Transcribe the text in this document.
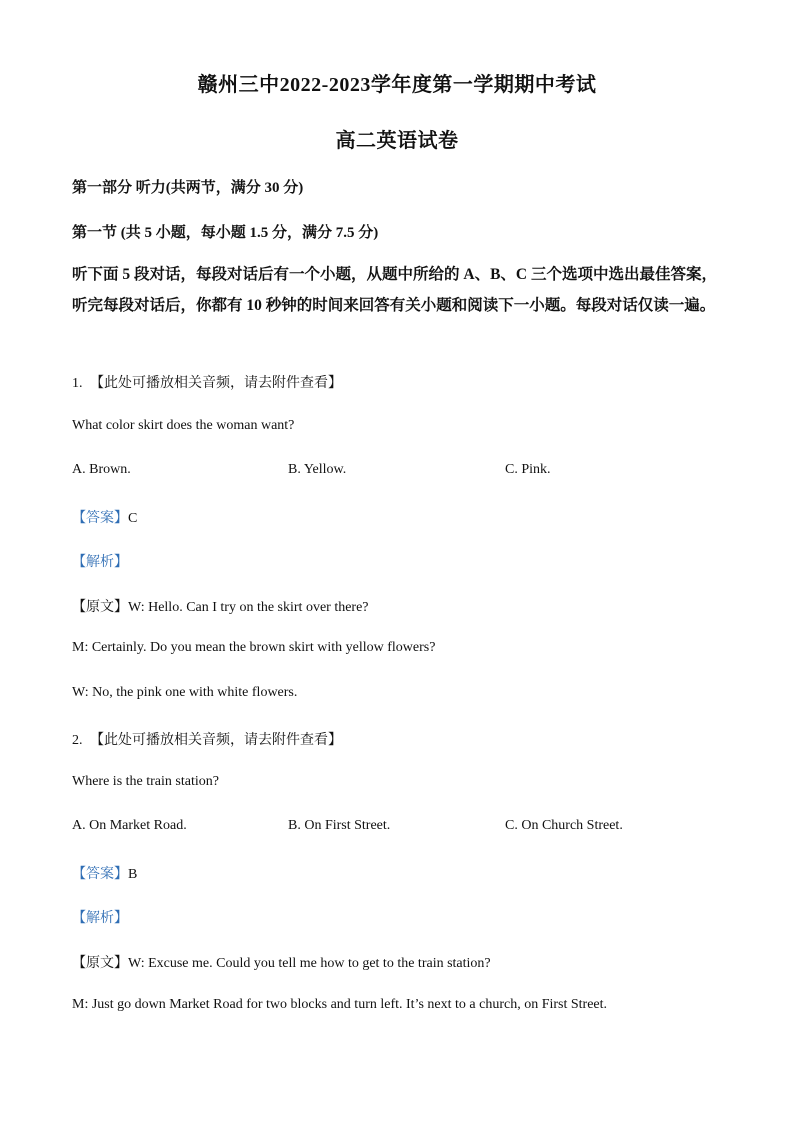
赣州三中2022-2023学年度第一学期期中考试
高二英语试卷
第一部分 听力(共两节，满分 30 分)
第一节 (共 5 小题，每小题 1.5 分，满分 7.5 分)
听下面 5 段对话，每段对话后有一个小题，从题中所给的 A、B、C 三个选项中选出最佳答案，听完每段对话后，你都有 10 秒钟的时间来回答有关小题和阅读下一小题。每段对话仅读一遍。
1. 【此处可播放相关音频，请去附件查看】
What color skirt does the woman want?
A. Brown.	B. Yellow.	C. Pink.
【答案】C
【解析】
【原文】W: Hello. Can I try on the skirt over there?
M: Certainly. Do you mean the brown skirt with yellow flowers?
W: No, the pink one with white flowers.
2. 【此处可播放相关音频，请去附件查看】
Where is the train station?
A. On Market Road.	B. On First Street.	C. On Church Street.
【答案】B
【解析】
【原文】W: Excuse me. Could you tell me how to get to the train station?
M: Just go down Market Road for two blocks and turn left. It’s next to a church, on First Street.
